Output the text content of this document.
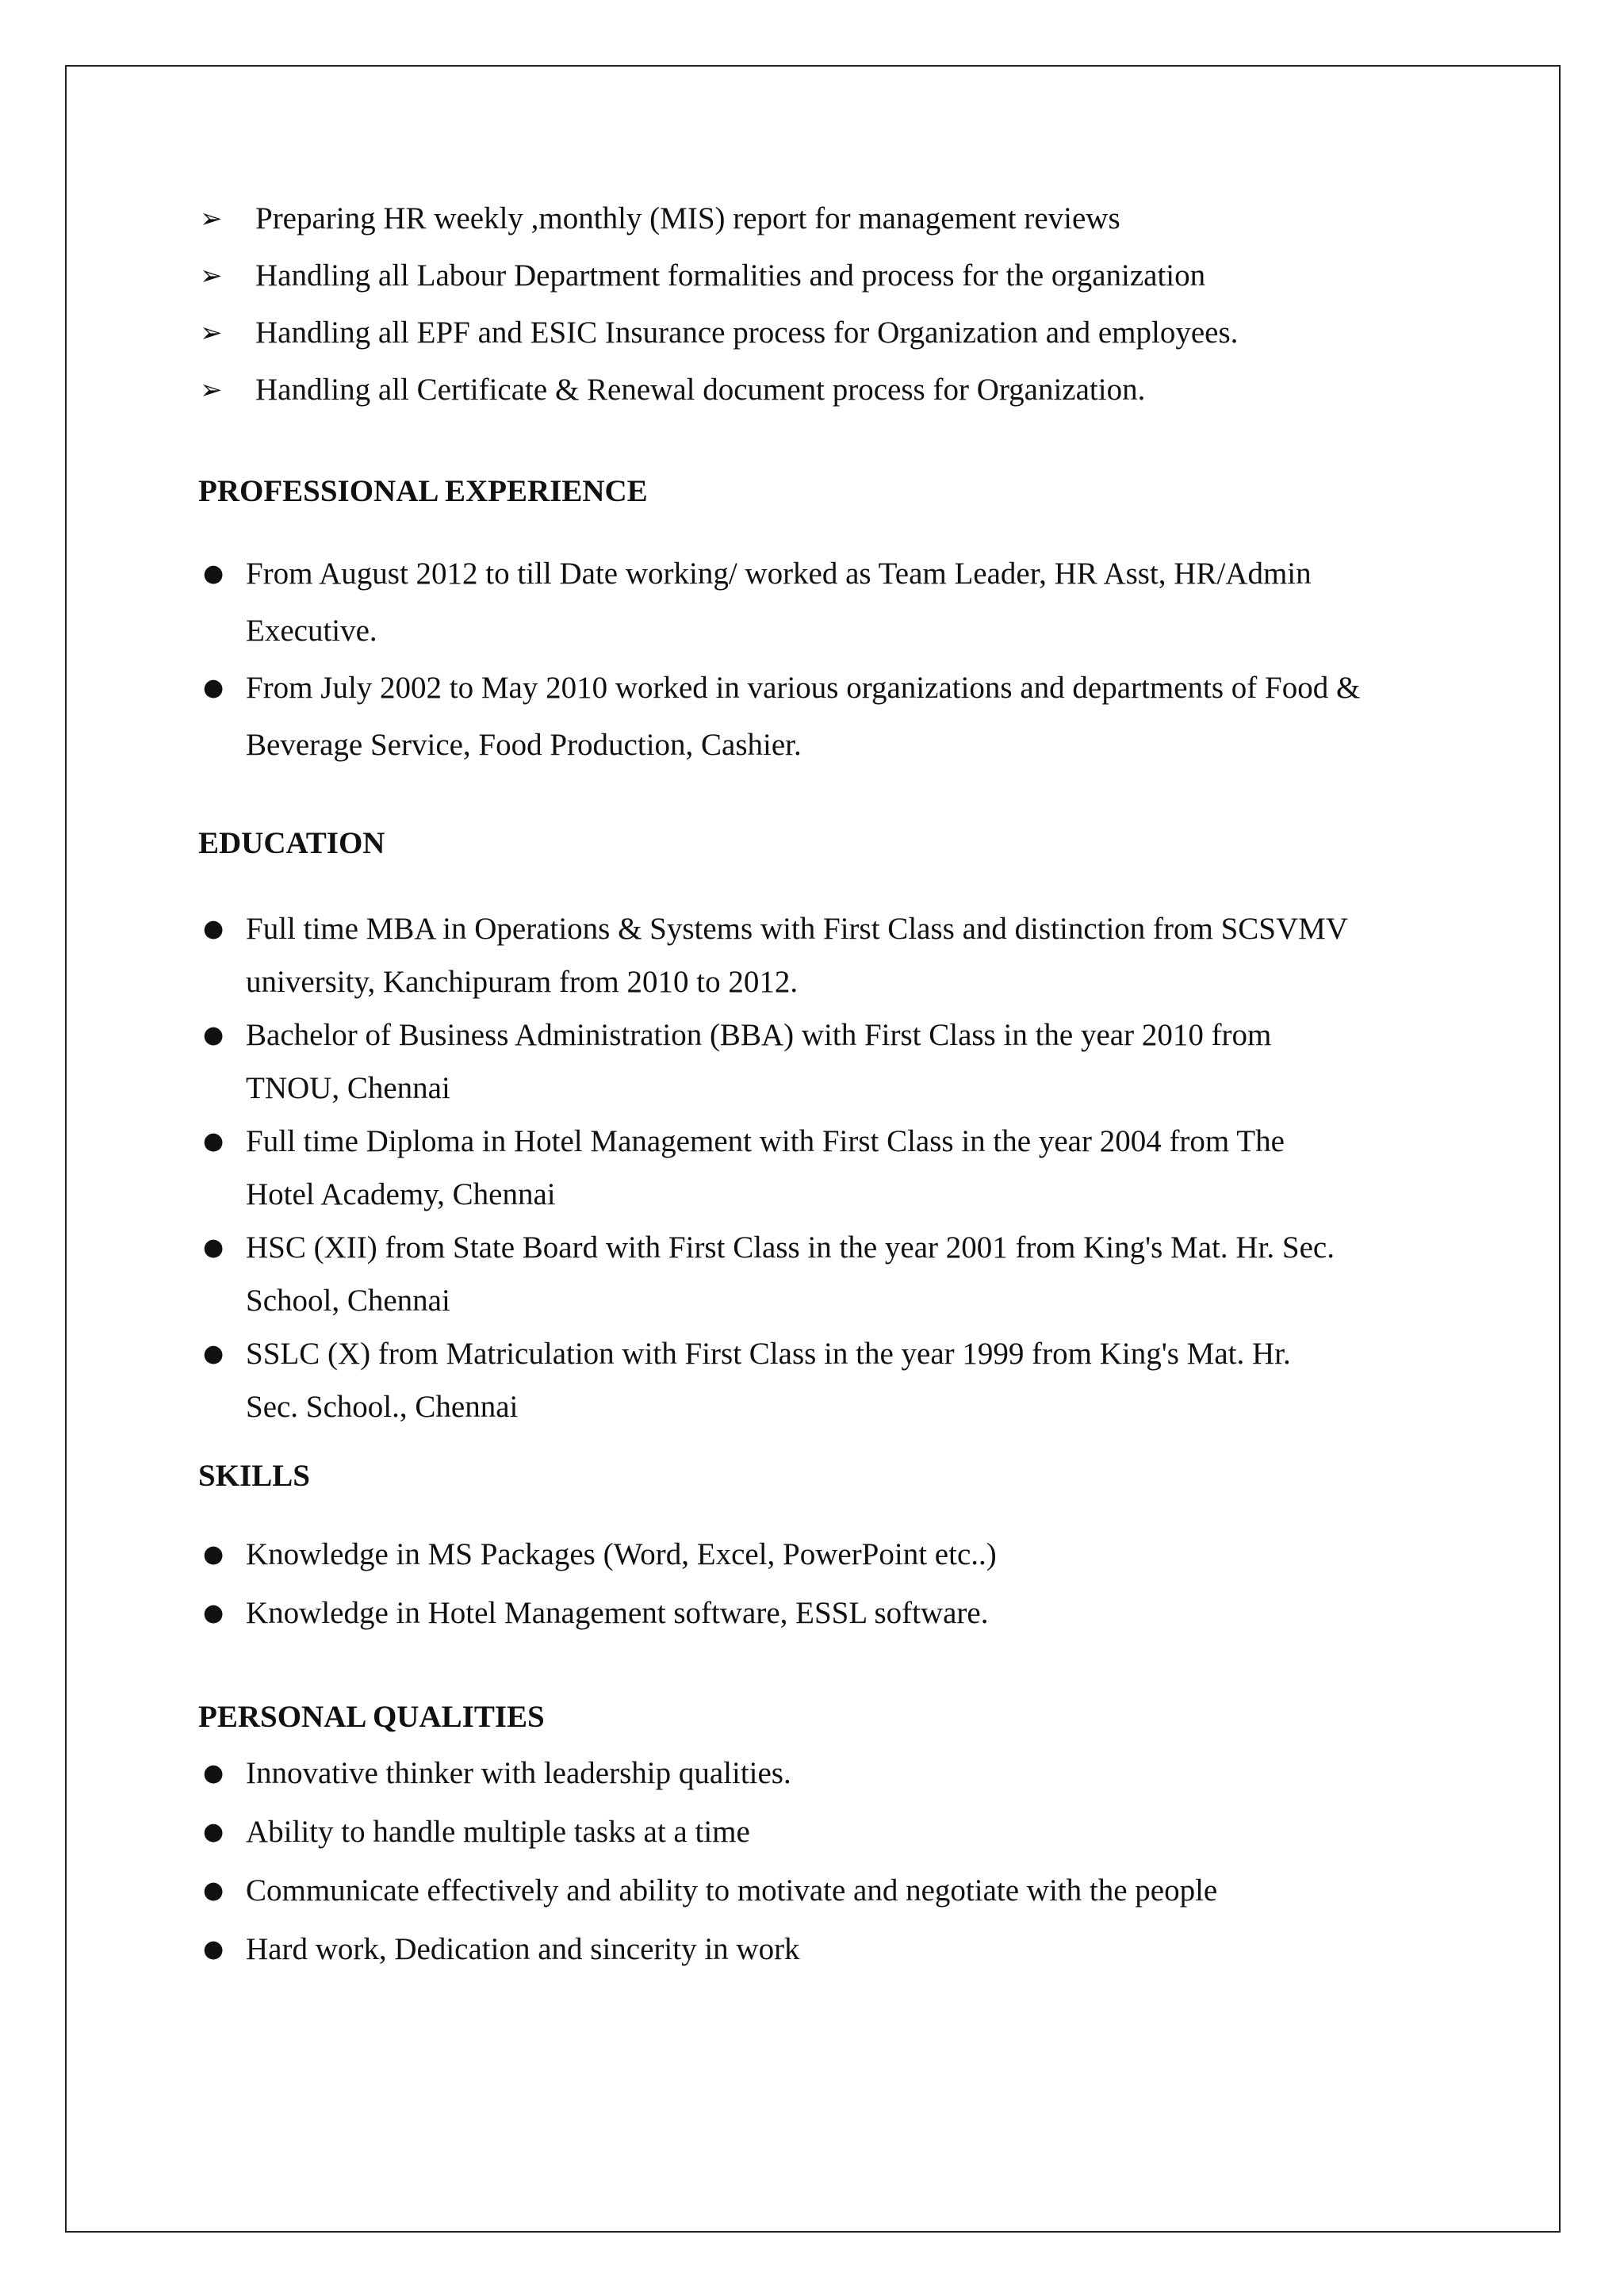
➢ Preparing HR weekly ,monthly (MIS) report for management reviews
➢ Handling all Labour Department formalities and process for the organization
➢ Handling all EPF and ESIC Insurance process for Organization and employees.
➢ Handling all Certificate & Renewal document process for Organization.
PROFESSIONAL EXPERIENCE
● From August 2012 to till Date working/ worked as Team Leader, HR Asst, HR/Admin
Executive.
● From July 2002 to May 2010 worked in various organizations and departments of Food &
Beverage Service, Food Production, Cashier.
EDUCATION
● Full time MBA in Operations & Systems with First Class and distinction from SCSVMV
university, Kanchipuram from 2010 to 2012.
● Bachelor of Business Administration (BBA) with First Class in the year 2010 from
TNOU, Chennai
● Full time Diploma in Hotel Management with First Class in the year 2004 from The
Hotel Academy, Chennai
● HSC (XII) from State Board with First Class in the year 2001 from King's Mat. Hr. Sec.
School, Chennai
● SSLC (X) from Matriculation with First Class in the year 1999 from King's Mat. Hr.
Sec. School., Chennai
SKILLS
● Knowledge in MS Packages (Word, Excel, PowerPoint etc..)
● Knowledge in Hotel Management software, ESSL software.
PERSONAL QUALITIES
● Innovative thinker with leadership qualities.
● Ability to handle multiple tasks at a time
● Communicate effectively and ability to motivate and negotiate with the people
● Hard work, Dedication and sincerity in work
